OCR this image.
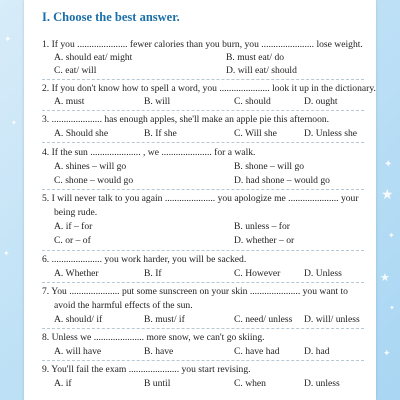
✦
✦
✦
✦
★
✦
★
✦
✦
I. Choose the best answer.
1. If you ..................... fewer calories than you burn, you ...................... lose weight.
A. should eat/ might	B. must eat/ do
C. eat/ will	D. will eat/ should
2. If you don't know how to spell a word, you ..................... look it up in the dictionary.
A. must	B. will	C. should	D. ought
3. ..................... has enough apples, she'll make an apple pie this afternoon.
A. Should she	B. If she	C. Will she	D. Unless she
4. If the sun ..................... , we ..................... for a walk.
A. shines – will go	B. shone – will go
C. shone – would go	D. had shone – would go
5. I will never talk to you again ..................... you apologize me ..................... your
being rude.
A. if – for	B. unless – for
C. or – of	D. whether – or
6. ..................... you work harder, you will be sacked.
A. Whether	B. If	C. However D. Unless
7. You ..................... put some sunscreen on your skin ..................... you want to
avoid the harmful effects of the sun.
A. should/ if	B. must/ if	C. need/ unless D. will/ unless
8. Unless we ..................... more snow, we can't go skiing.
A. will have	B. have	C. have had	D. had
9. You'll fail the exam ..................... you start revising.
A. if	B until	C. when	D. unless
